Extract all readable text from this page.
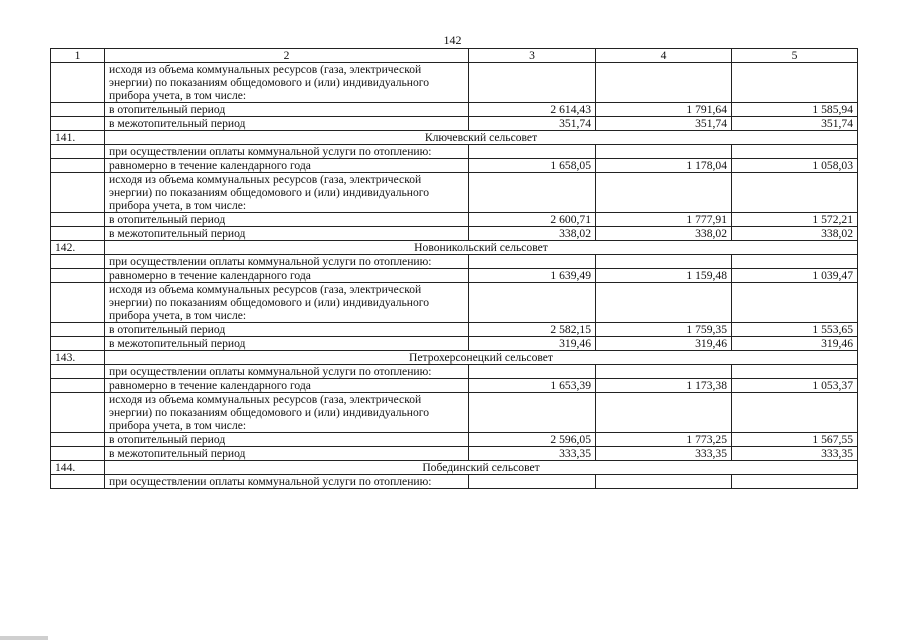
142
1	2	3	4	5
	исходя из объема коммунальных ресурсов (газа, электрической энергии) по показаниям общедомового и (или) индивидуального прибора учета, в том числе:			
	в отопительный период	2 614,43	1 791,64	1 585,94
	в межотопительный период	351,74	351,74	351,74
141.	Ключевский сельсовет			
	при осуществлении оплаты коммунальной услуги по отоплению:			
	равномерно в течение календарного года	1 658,05	1 178,04	1 058,03
	исходя из объема коммунальных ресурсов (газа, электрической энергии) по показаниям общедомового и (или) индивидуального прибора учета, в том числе:			
	в отопительный период	2 600,71	1 777,91	1 572,21
	в межотопительный период	338,02	338,02	338,02
142.	Новоникольский сельсовет			
	при осуществлении оплаты коммунальной услуги по отоплению:			
	равномерно в течение календарного года	1 639,49	1 159,48	1 039,47
	исходя из объема коммунальных ресурсов (газа, электрической энергии) по показаниям общедомового и (или) индивидуального прибора учета, в том числе:			
	в отопительный период	2 582,15	1 759,35	1 553,65
	в межотопительный период	319,46	319,46	319,46
143.	Петрохерсонецкий сельсовет			
	при осуществлении оплаты коммунальной услуги по отоплению:			
	равномерно в течение календарного года	1 653,39	1 173,38	1 053,37
	исходя из объема коммунальных ресурсов (газа, электрической энергии) по показаниям общедомового и (или) индивидуального прибора учета, в том числе:			
	в отопительный период	2 596,05	1 773,25	1 567,55
	в межотопительный период	333,35	333,35	333,35
144.	Побединский сельсовет			
	при осуществлении оплаты коммунальной услуги по отоплению:			
